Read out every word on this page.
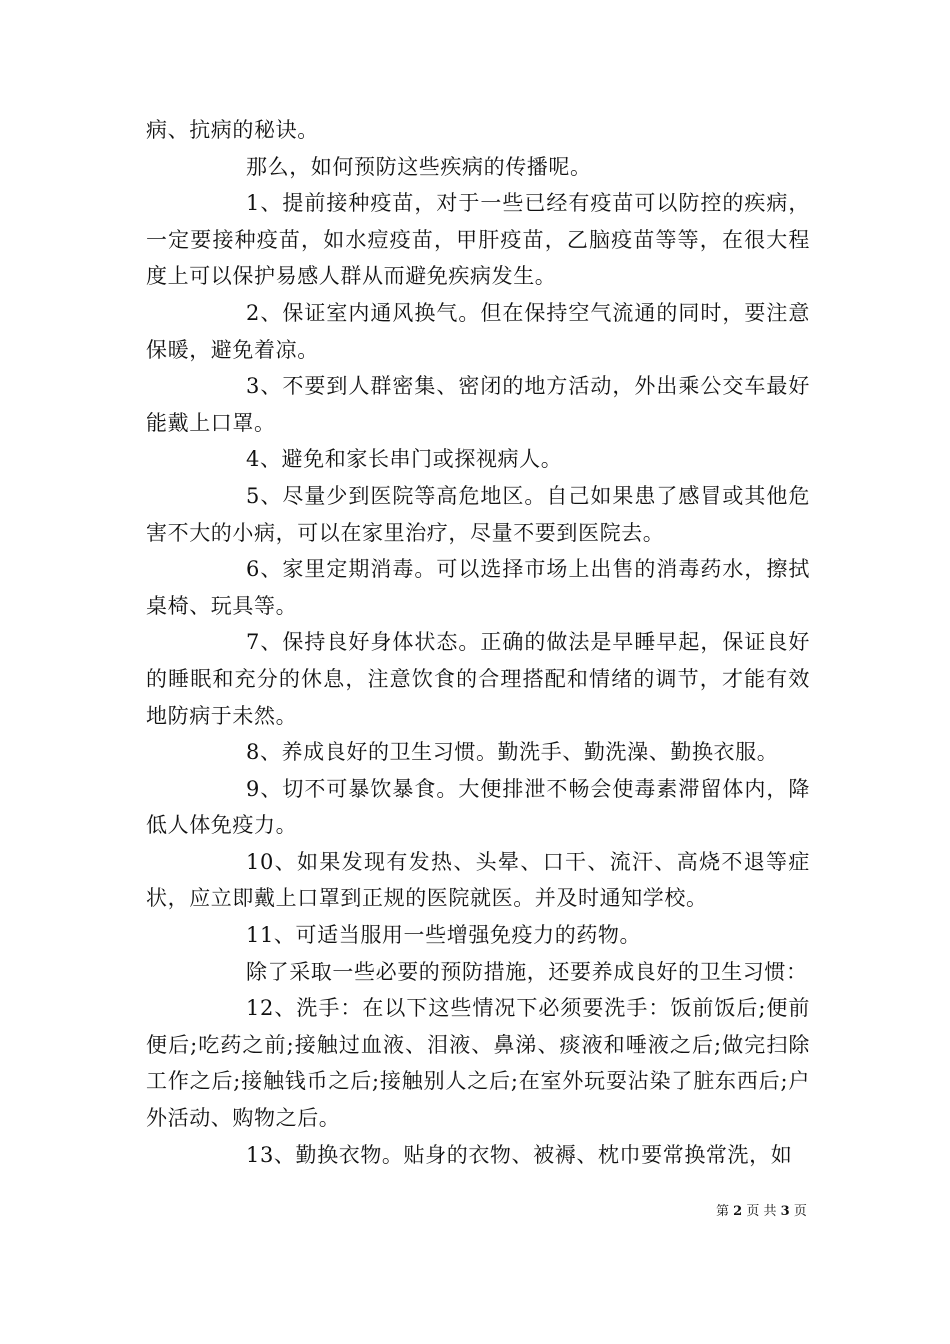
病、抗病的秘诀。

那么，如何预防这些疾病的传播呢。

1、提前接种疫苗，对于一些已经有疫苗可以防控的疾病，一定要接种疫苗，如水痘疫苗，甲肝疫苗，乙脑疫苗等等，在很大程度上可以保护易感人群从而避免疾病发生。

2、保证室内通风换气。但在保持空气流通的同时，要注意保暖，避免着凉。

3、不要到人群密集、密闭的地方活动，外出乘公交车最好能戴上口罩。

4、避免和家长串门或探视病人。

5、尽量少到医院等高危地区。自己如果患了感冒或其他危害不大的小病，可以在家里治疗，尽量不要到医院去。

6、家里定期消毒。可以选择市场上出售的消毒药水，擦拭桌椅、玩具等。

7、保持良好身体状态。正确的做法是早睡早起，保证良好的睡眠和充分的休息，注意饮食的合理搭配和情绪的调节，才能有效地防病于未然。

8、养成良好的卫生习惯。勤洗手、勤洗澡、勤换衣服。

9、切不可暴饮暴食。大便排泄不畅会使毒素滞留体内，降低人体免疫力。

10、如果发现有发热、头晕、口干、流汗、高烧不退等症状，应立即戴上口罩到正规的医院就医。并及时通知学校。

11、可适当服用一些增强免疫力的药物。

除了采取一些必要的预防措施，还要养成良好的卫生习惯：

12、洗手：在以下这些情况下必须要洗手：饭前饭后;便前便后;吃药之前;接触过血液、泪液、鼻涕、痰液和唾液之后;做完扫除工作之后;接触钱币之后;接触别人之后;在室外玩耍沾染了脏东西后;户外活动、购物之后。

13、勤换衣物。贴身的衣物、被褥、枕巾要常换常洗，如

第 2 页 共 3 页
